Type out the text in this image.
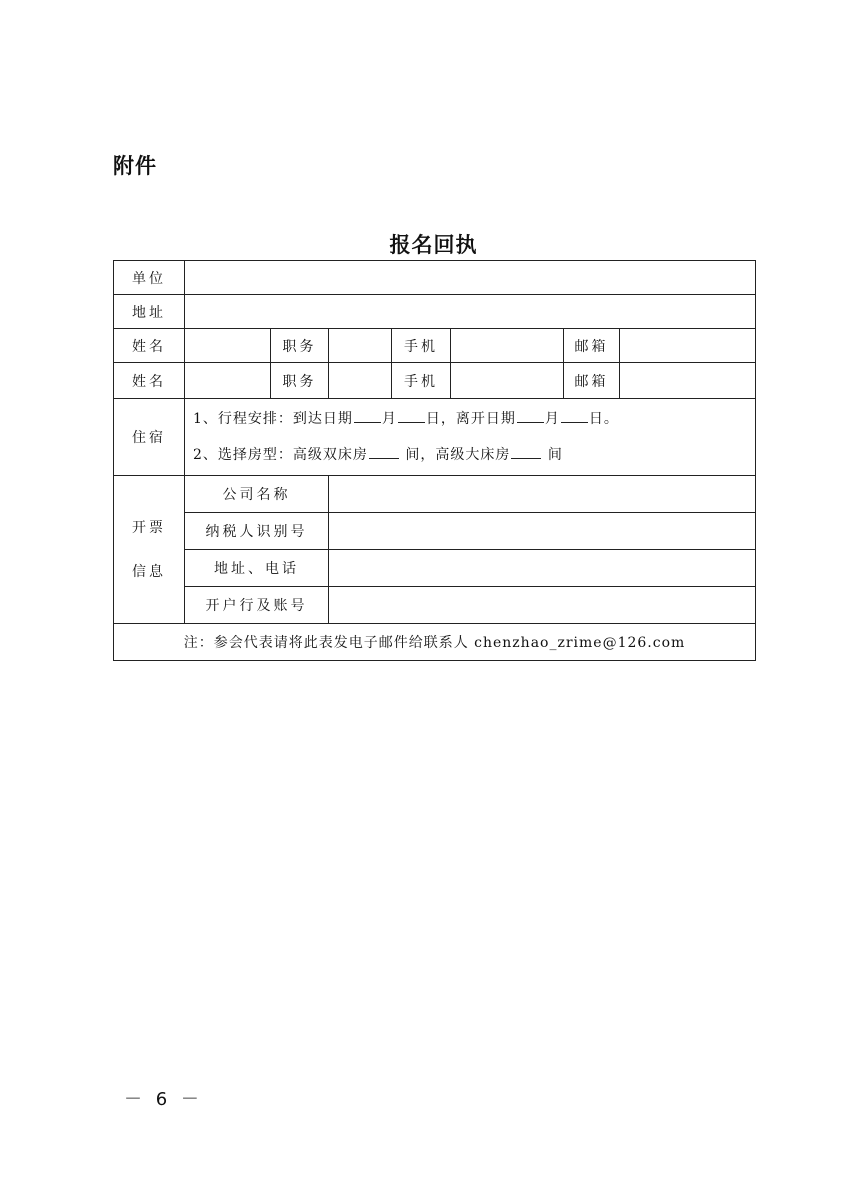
附件
报名回执
单位							
地址							
姓名		职务		手机		邮箱	
姓名		职务		手机		邮箱	
住宿	1、行程安排：到达日期 月 日，离开日期 月 日。
2、选择房型：高级双床房 间，高级大床房 间						

开票
信息	公司名称						
	纳税人识别号						
	地址、电话						
	开户行及账号						
注：参会代表请将此表发电子邮件给联系人 chenzhao_zrime@126.com							
－ 6 －
